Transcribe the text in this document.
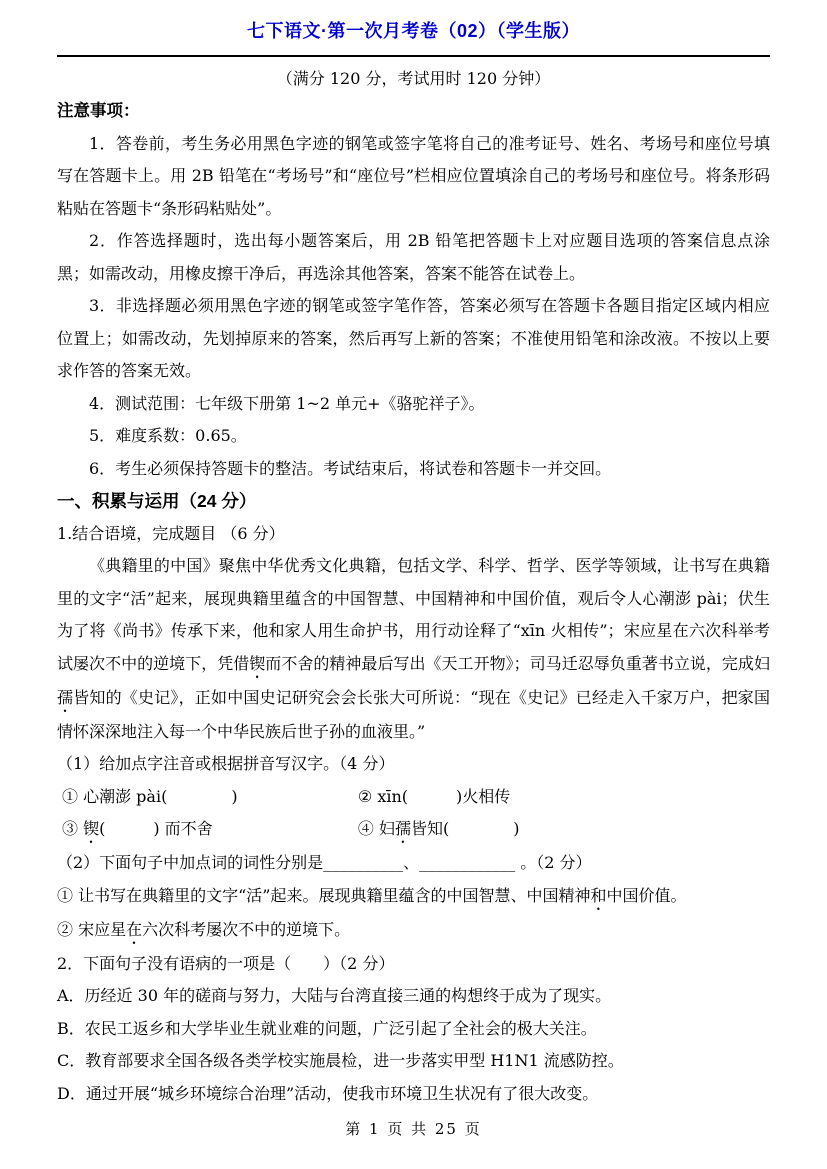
七下语文·第一次月考卷（02）（学生版）
（满分 120 分，考试用时 120 分钟）

注意事项：

1．答卷前，考生务必用黑色字迹的钢笔或签字笔将自己的准考证号、姓名、考场号和座位号填写在答题卡上。用 2B 铅笔在“考场号”和“座位号”栏相应位置填涂自己的考场号和座位号。将条形码粘贴在答题卡“条形码粘贴处”。

2．作答选择题时，选出每小题答案后，用 2B 铅笔把答题卡上对应题目选项的答案信息点涂黑；如需改动，用橡皮擦干净后，再选涂其他答案，答案不能答在试卷上。

3．非选择题必须用黑色字迹的钢笔或签字笔作答，答案必须写在答题卡各题目指定区域内相应位置上；如需改动，先划掉原来的答案，然后再写上新的答案；不准使用铅笔和涂改液。不按以上要求作答的答案无效。

4．测试范围：七年级下册第 1~2 单元+《骆驼祥子》。

5．难度系数：0.65。

6．考生必须保持答题卡的整洁。考试结束后，将试卷和答题卡一并交回。

一、积累与运用（24 分）

1.结合语境，完成题目 （6 分）

《典籍里的中国》聚焦中华优秀文化典籍，包括文学、科学、哲学、医学等领域，让书写在典籍里的文字“活”起来，展现典籍里蕴含的中国智慧、中国精神和中国价值，观后令人心潮澎 pài；伏生为了将《尚书》传承下来，他和家人用生命护书，用行动诠释了“xīn 火相传”；宋应星在六次科举考试屡次不中的逆境下，凭借锲而不舍的精神最后写出《天工开物》；司马迁忍辱负重著书立说，完成妇孺皆知的《史记》，正如中国史记研究会会长张大可所说：“现在《史记》已经走入千家万户，把家国情怀深深地注入每一个中华民族后世子孙的血液里。”

（1）给加点字注音或根据拼音写汉字。（4 分）

① 心潮澎 pài(　　　　)	② xīn(　　　)火相传
③ 锲(　　　) 而不舍	④ 妇孺皆知(　　　　)

（2）下面句子中加点词的词性分别是__________、____________ 。（2 分）

① 让书写在典籍里的文字“活”起来。展现典籍里蕴含的中国智慧、中国精神和中国价值。

② 宋应星在六次科考屡次不中的逆境下。

2．下面句子没有语病的一项是（　　）（2 分）

A．历经近 30 年的磋商与努力，大陆与台湾直接三通的构想终于成为了现实。

B．农民工返乡和大学毕业生就业难的问题，广泛引起了全社会的极大关注。

C．教育部要求全国各级各类学校实施晨检，进一步落实甲型 H1N1 流感防控。

D．通过开展“城乡环境综合治理”活动，使我市环境卫生状况有了很大改变。

第 1 页 共 25 页
